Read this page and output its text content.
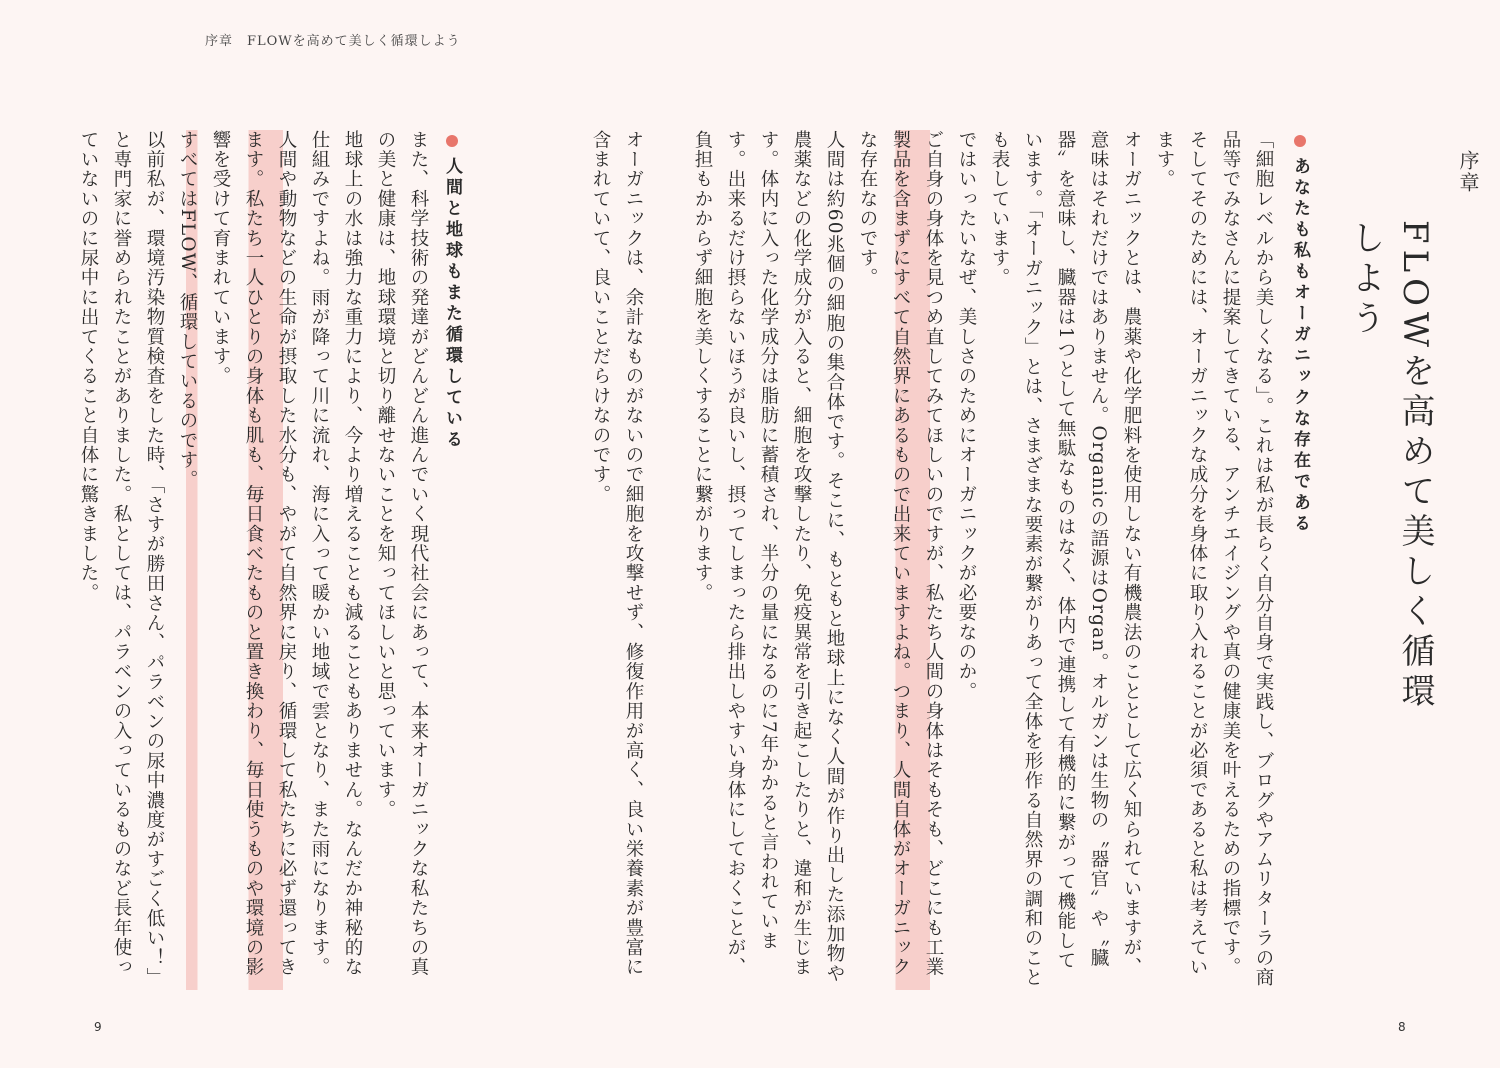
序章　FLOWを高めて美しく循環しよう
序章
FLOWを高めて美しく循環しよう
あなたも私もオーガニックな存在である

「細胞レベルから美しくなる」。これは私が長らく自分自身で実践し、ブログやアムリターラの商品等でみなさんに提案してきている、アンチエイジングや真の健康美を叶えるための指標です。そしてそのためには、オーガニックな成分を身体に取り入れることが必須であると私は考えています。

オーガニックとは、農薬や化学肥料を使用しない有機農法のこととして広く知られていますが、意味はそれだけではありません。Organicの語源はOrgan。オルガンは生物の〝器官〟や〝臓器〟を意味し、臓器は1つとして無駄なものはなく、体内で連携して有機的に繋がって機能しています。「オーガニック」とは、さまざまな要素が繋がりあって全体を形作る自然界の調和のことも表しています。

ではいったいなぜ、美しさのためにオーガニックが必要なのか。

ご自身の身体を見つめ直してみてほしいのですが、私たち人間の身体はそもそも、どこにも工業製品を含まずにすべて自然界にあるもので出来ていますよね。つまり、人間自体がオーガニックな存在なのです。

人間は約60兆個の細胞の集合体です。そこに、もともと地球上になく人間が作り出した添加物や農薬などの化学成分が入ると、細胞を攻撃したり、免疫異常を引き起こしたりと、違和が生じます。体内に入った化学成分は脂肪に蓄積され、半分の量になるのに7年かかると言われています。出来るだけ摂らないほうが良いし、摂ってしまったら排出しやすい身体にしておくことが、負担もかからず細胞を美しくすることに繋がります。

オーガニックは、余計なものがないので細胞を攻撃せず、修復作用が高く、良い栄養素が豊富に含まれていて、良いことだらけなのです。

人間と地球もまた循環している

また、科学技術の発達がどんどん進んでいく現代社会にあって、本来オーガニックな私たちの真の美と健康は、地球環境と切り離せないことを知ってほしいと思っています。

地球上の水は強力な重力により、今より増えることも減ることもありません。なんだか神秘的な仕組みですよね。雨が降って川に流れ、海に入って暖かい地域で雲となり、また雨になります。

人間や動物などの生命が摂取した水分も、やがて自然界に戻り、循環して私たちに必ず還ってきます。私たち一人ひとりの身体も肌も、毎日食べたものと置き換わり、毎日使うものや環境の影響を受けて育まれています。

すべてはFLOW、循環しているのです。

以前私が、環境汚染物質検査をした時、「さすが勝田さん、パラベンの尿中濃度がすごく低い！」と専門家に誉められたことがありました。私としては、パラベンの入っているものなど長年使っていないのに尿中に出てくること自体に驚きました。

9	8
